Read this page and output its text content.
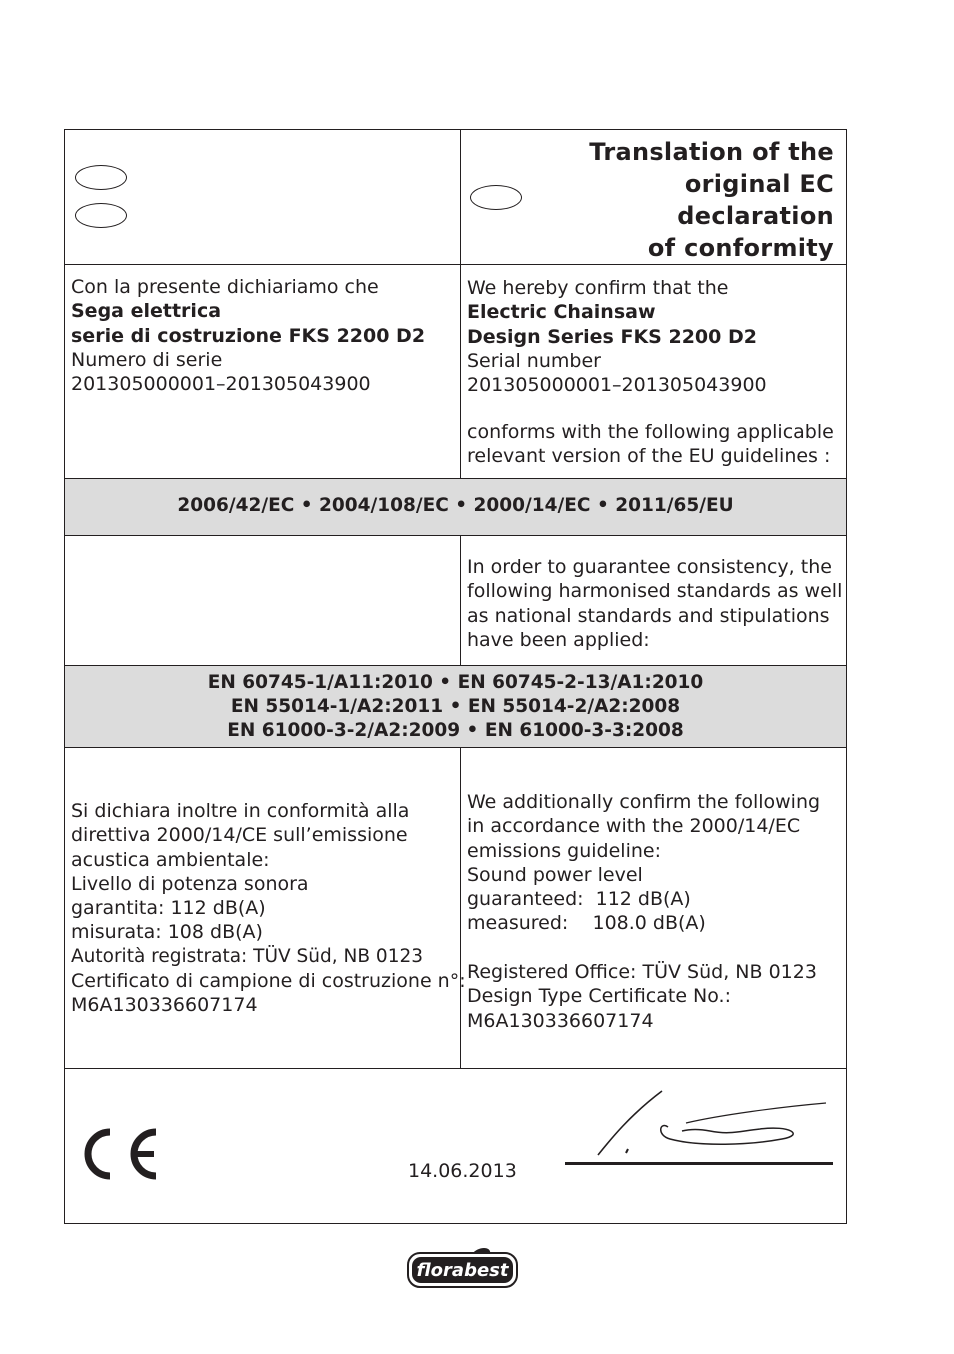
2006/42/EC • 2004/108/EC • 2000/14/EC • 2011/65/EU
EN 60745-1/A11:2010 • EN 60745-2-13/A1:2010
EN 55014-1/A2:2011 • EN 55014-2/A2:2008
EN 61000-3-2/A2:2009 • EN 61000-3-3:2008
Translation of the
original EC
declaration
of conformity
Con la presente dichiariamo che
Sega elettrica
serie di costruzione FKS 2200 D2
Numero di serie
201305000001–201305043900
We hereby confirm that the
Electric Chainsaw
Design Series FKS 2200 D2
Serial number
201305000001–201305043900
conforms with the following applicable
relevant version of the EU guidelines :
In order to guarantee consistency, the
following harmonised standards as well
as national standards and stipulations
have been applied:
Si dichiara inoltre in conformità alla
direttiva 2000/14/CE sull’emissione
acustica ambientale:
Livello di potenza sonora
garantita: 112 dB(A)
misurata: 108 dB(A)
Autorità registrata: TÜV Süd, NB 0123
Certificato di campione di costruzione n°:
M6A130336607174
We additionally confirm the following
in accordance with the 2000/14/EC
emissions guideline:
Sound power level
guaranteed:  112 dB(A)
measured:    108.0 dB(A)
Registered Office: TÜV Süd, NB 0123
Design Type Certificate No.:
M6A130336607174
14.06.2013
florabest
